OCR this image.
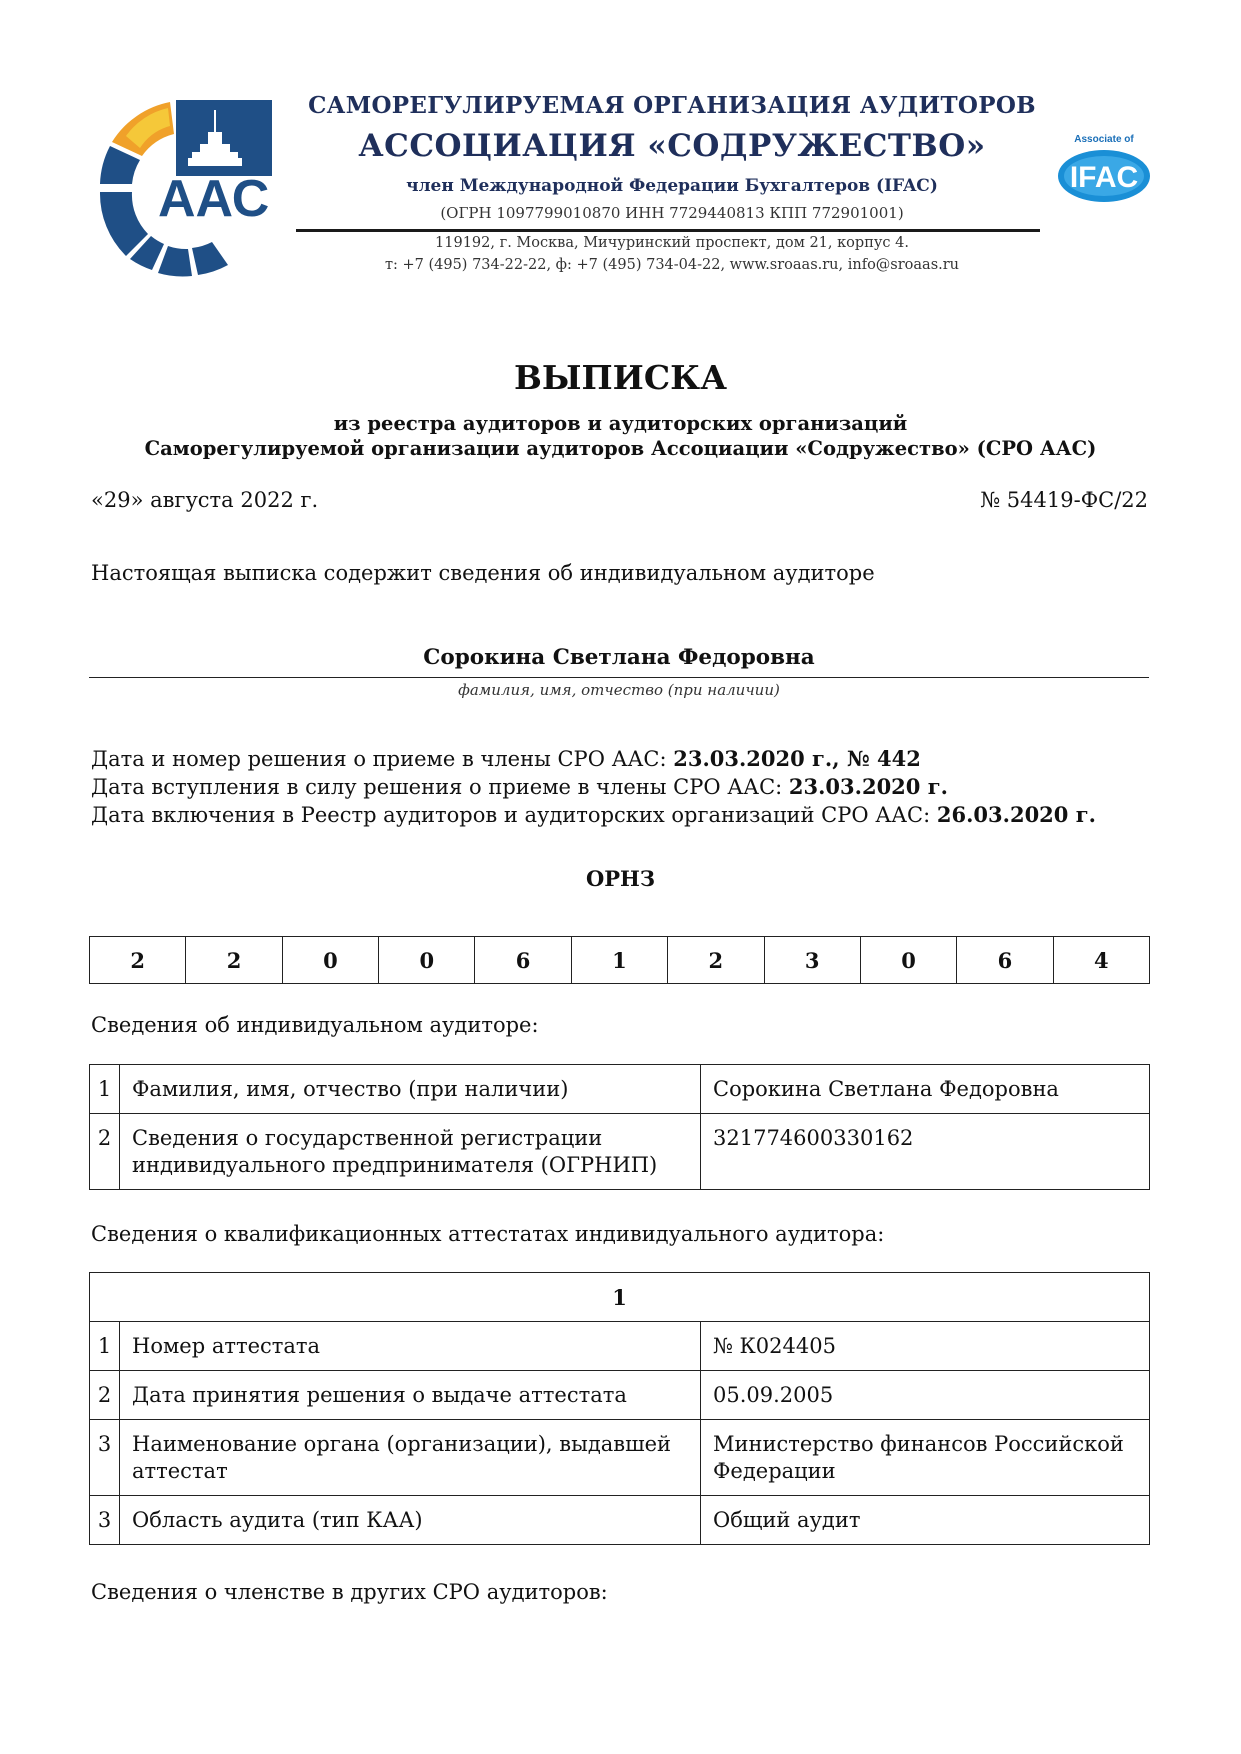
ААС
Associate of
IFAC
САМОРЕГУЛИРУЕМАЯ ОРГАНИЗАЦИЯ АУДИТОРОВ
АССОЦИАЦИЯ «СОДРУЖЕСТВО»
член Международной Федерации Бухгалтеров (IFAC)
(ОГРН 1097799010870 ИНН 7729440813 КПП 772901001)
119192, г. Москва, Мичуринский проспект, дом 21, корпус 4.
т: +7 (495) 734-22-22, ф: +7 (495) 734-04-22, www.sroaas.ru, info@sroaas.ru
ВЫПИСКА
из реестра аудиторов и аудиторских организаций
Саморегулируемой организации аудиторов Ассоциации «Содружество» (СРО ААС)
«29» августа 2022 г.	№ 54419-ФС/22
Настоящая выписка содержит сведения об индивидуальном аудиторе
Сорокина Светлана Федоровна
фамилия, имя, отчество (при наличии)
Дата и номер решения о приеме в члены СРО ААС: 23.03.2020 г., № 442
Дата вступления в силу решения о приеме в члены СРО ААС: 23.03.2020 г.
Дата включения в Реестр аудиторов и аудиторских организаций СРО ААС: 26.03.2020 г.
ОРНЗ
2	2	0	0	6	1	2	3	0	6	4
Сведения об индивидуальном аудиторе:
1	Фамилия, имя, отчество (при наличии)	Сорокина Светлана Федоровна
2	Сведения о государственной регистрации индивидуального предпринимателя (ОГРНИП)	321774600330162
Сведения о квалификационных аттестатах индивидуального аудитора:
1		
1	Номер аттестата	№ К024405
2	Дата принятия решения о выдаче аттестата	05.09.2005
3	Наименование органа (организации), выдавшей аттестат	Министерство финансов Российской Федерации
3	Область аудита (тип КАА)	Общий аудит
Сведения о членстве в других СРО аудиторов:
